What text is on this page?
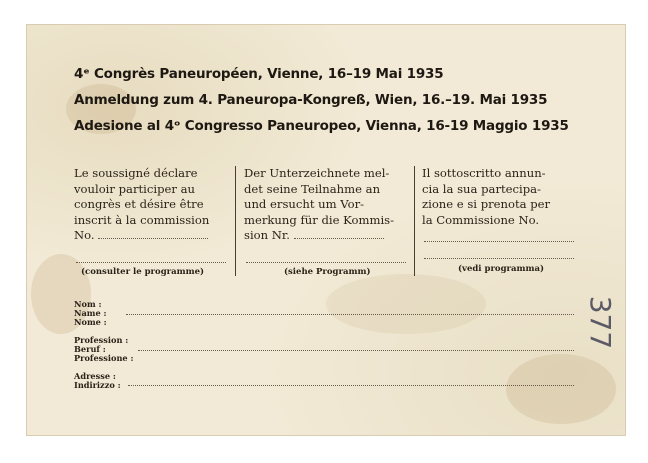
4ᵉ Congrès Paneuropéen, Vienne, 16–19 Mai 1935
Anmeldung zum 4. Paneuropa-Kongreß, Wien, 16.–19. Mai 1935
Adesione al 4ᵒ Congresso Paneuropeo, Vienna, 16-19 Maggio 1935
Le soussigné déclare
vouloir participer au
congrès et désire être
inscrit à la commission
No.
(consulter le programme)
Der Unterzeichnete mel-
det seine Teilnahme an
und ersucht um Vor-
merkung für die Kommis-
sion Nr.
(siehe Programm)
Il sottoscritto annun-
cia la sua partecipa-
zione e si prenota per
la Commissione No.
(vedi programma)
Nom :
Name :
Nome :
Profession :
Beruf :
Professione :
Adresse :
Indirizzo :
377
